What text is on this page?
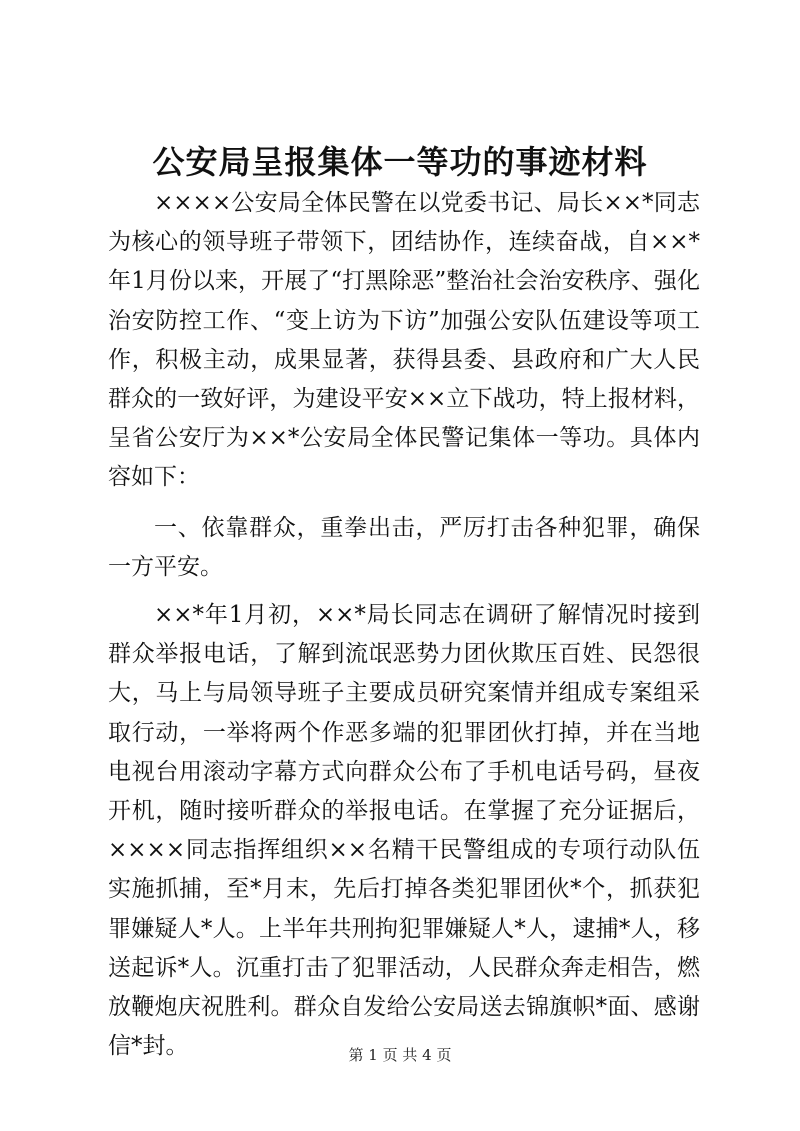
公安局呈报集体一等功的事迹材料

××××公安局全体民警在以党委书记、局长××*同志为核心的领导班子带领下，团结协作，连续奋战，自××*年1月份以来，开展了“打黑除恶”整治社会治安秩序、强化治安防控工作、“变上访为下访”加强公安队伍建设等项工作，积极主动，成果显著，获得县委、县政府和广大人民群众的一致好评，为建设平安××立下战功，特上报材料，呈省公安厅为××*公安局全体民警记集体一等功。具体内容如下：

一、依靠群众，重拳出击，严厉打击各种犯罪，确保一方平安。

××*年1月初，××*局长同志在调研了解情况时接到群众举报电话，了解到流氓恶势力团伙欺压百姓、民怨很大，马上与局领导班子主要成员研究案情并组成专案组采取行动，一举将两个作恶多端的犯罪团伙打掉，并在当地电视台用滚动字幕方式向群众公布了手机电话号码，昼夜开机，随时接听群众的举报电话。在掌握了充分证据后，××××同志指挥组织××名精干民警组成的专项行动队伍实施抓捕，至*月末，先后打掉各类犯罪团伙*个，抓获犯罪嫌疑人*人。上半年共刑拘犯罪嫌疑人*人，逮捕*人，移送起诉*人。沉重打击了犯罪活动，人民群众奔走相告，燃放鞭炮庆祝胜利。群众自发给公安局送去锦旗帜*面、感谢信*封。	第 1 页 共 4 页
